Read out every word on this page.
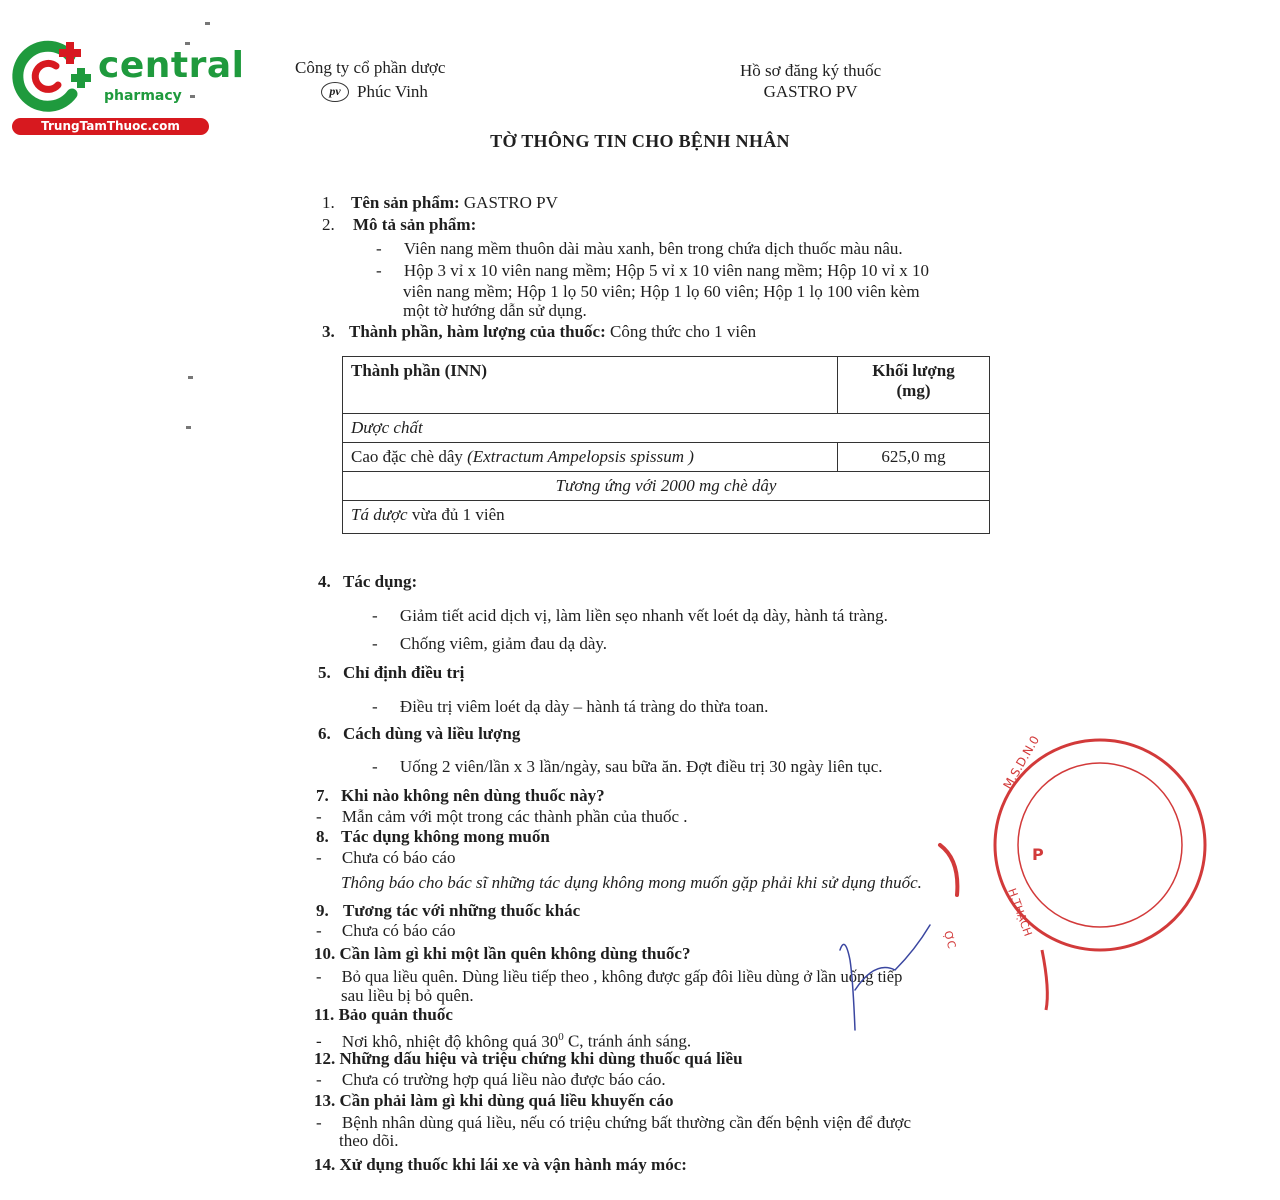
central
pharmacy
TrungTamThuoc.com
Công ty cổ phần dược
pv Phúc Vinh
Hồ sơ đăng ký thuốc
GASTRO PV
TỜ THÔNG TIN CHO BỆNH NHÂN
1. Tên sản phẩm: GASTRO PV
2. Mô tả sản phẩm:
- Viên nang mềm thuôn dài màu xanh, bên trong chứa dịch thuốc màu nâu.
- Hộp 3 vỉ x 10 viên nang mềm; Hộp 5 vỉ x 10 viên nang mềm; Hộp 10 vỉ x 10
viên nang mềm; Hộp 1 lọ 50 viên; Hộp 1 lọ 60 viên; Hộp 1 lọ 100 viên kèm
một tờ hướng dẫn sử dụng.
3. Thành phần, hàm lượng của thuốc: Công thức cho 1 viên
Thành phần (INN)	Khối lượng
(mg)

Dược chất	
Cao đặc chè dây (Extractum Ampelopsis spissum )	625,0 mg
Tương ứng với 2000 mg chè dây	
Tá dược vừa đủ 1 viên	
4. Tác dụng:
- Giảm tiết acid dịch vị, làm liền sẹo nhanh vết loét dạ dày, hành tá tràng.
- Chống viêm, giảm đau dạ dày.
5. Chỉ định điều trị
- Điều trị viêm loét dạ dày – hành tá tràng do thừa toan.
6. Cách dùng và liều lượng
- Uống 2 viên/lần x 3 lần/ngày, sau bữa ăn. Đợt điều trị 30 ngày liên tục.
7. Khi nào không nên dùng thuốc này?
- Mẫn cảm với một trong các thành phần của thuốc .
8. Tác dụng không mong muốn
- Chưa có báo cáo
Thông báo cho bác sĩ những tác dụng không mong muốn gặp phải khi sử dụng thuốc.
9. Tương tác với những thuốc khác
- Chưa có báo cáo
10. Cần làm gì khi một lần quên không dùng thuốc?
- Bỏ qua liều quên. Dùng liều tiếp theo , không được gấp đôi liều dùng ở lần uống tiếp
sau liều bị bỏ quên.
11. Bảo quản thuốc
- Nơi khô, nhiệt độ không quá $30^0$ C, tránh ánh sáng.
12. Những dấu hiệu và triệu chứng khi dùng thuốc quá liều
- Chưa có trường hợp quá liều nào được báo cáo.
13. Cần phải làm gì khi dùng quá liều khuyến cáo
- Bệnh nhân dùng quá liều, nếu có triệu chứng bất thường cần đến bệnh viện để được
theo dõi.
14. Xử dụng thuốc khi lái xe và vận hành máy móc:
M.S.D.N.0
P
H.THẠCH
ỢC
